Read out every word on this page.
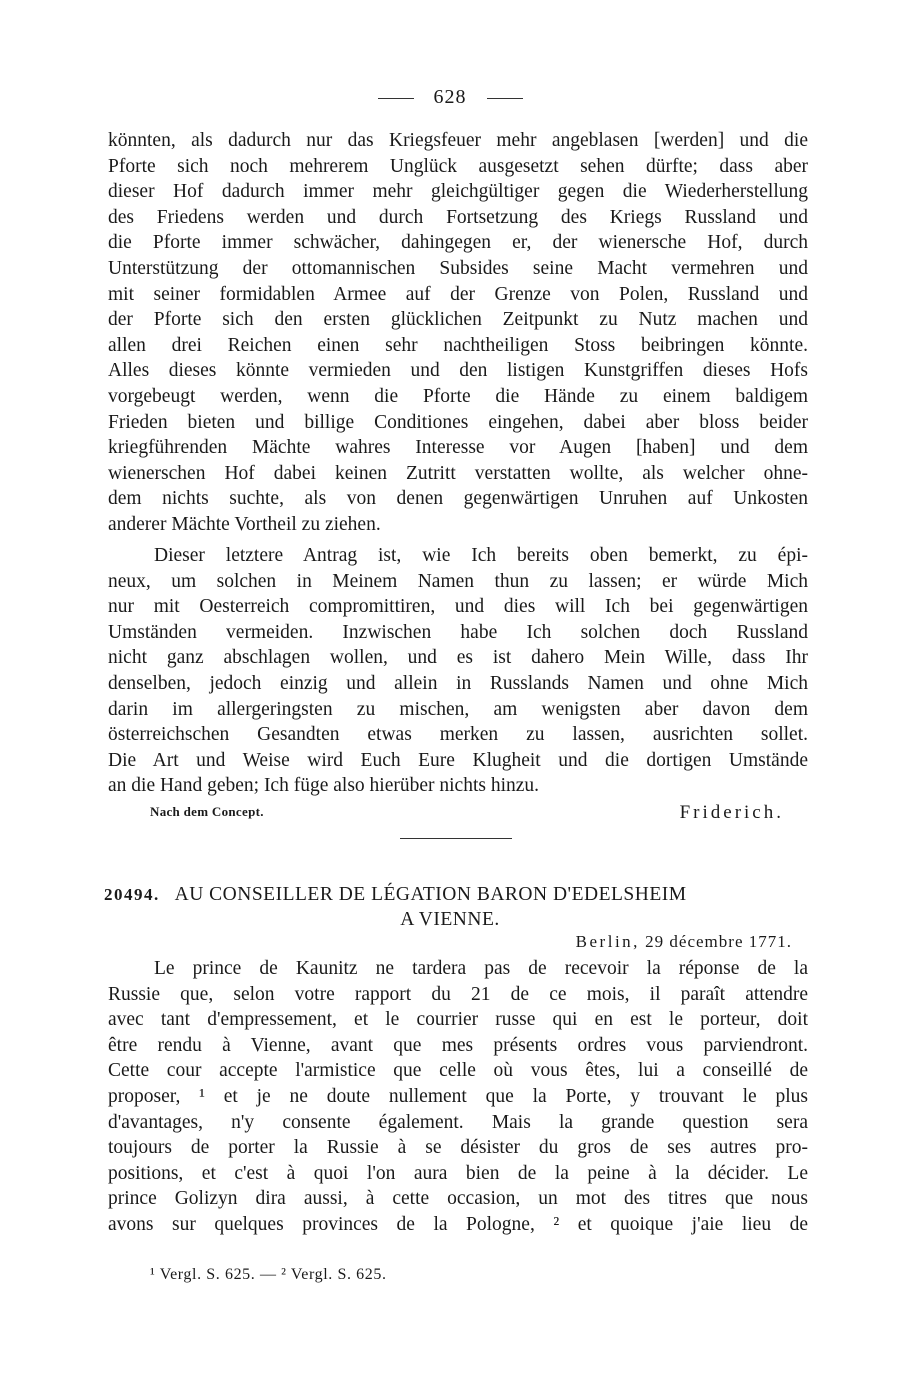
628
könnten, als dadurch nur das Kriegsfeuer mehr angeblasen [werden] und die
Pforte sich noch mehrerem Unglück ausgesetzt sehen dürfte; dass aber
dieser Hof dadurch immer mehr gleichgültiger gegen die Wiederherstellung
des Friedens werden und durch Fortsetzung des Kriegs Russland und
die Pforte immer schwächer, dahingegen er, der wienersche Hof, durch
Unterstützung der ottomannischen Subsides seine Macht vermehren und
mit seiner formidablen Armee auf der Grenze von Polen, Russland und
der Pforte sich den ersten glücklichen Zeitpunkt zu Nutz machen und
allen drei Reichen einen sehr nachtheiligen Stoss beibringen könnte.
Alles dieses könnte vermieden und den listigen Kunstgriffen dieses Hofs
vorgebeugt werden, wenn die Pforte die Hände zu einem baldigem
Frieden bieten und billige Conditiones eingehen, dabei aber bloss beider
kriegführenden Mächte wahres Interesse vor Augen [haben] und dem
wienerschen Hof dabei keinen Zutritt verstatten wollte, als welcher ohne-
dem nichts suchte, als von denen gegenwärtigen Unruhen auf Unkosten
anderer Mächte Vortheil zu ziehen.
Dieser letztere Antrag ist, wie Ich bereits oben bemerkt, zu épi-
neux, um solchen in Meinem Namen thun zu lassen; er würde Mich
nur mit Oesterreich compromittiren, und dies will Ich bei gegenwärtigen
Umständen vermeiden. Inzwischen habe Ich solchen doch Russland
nicht ganz abschlagen wollen, und es ist dahero Mein Wille, dass Ihr
denselben, jedoch einzig und allein in Russlands Namen und ohne Mich
darin im allergeringsten zu mischen, am wenigsten aber davon dem
österreichschen Gesandten etwas merken zu lassen, ausrichten sollet.
Die Art und Weise wird Euch Eure Klugheit und die dortigen Umstände
an die Hand geben; Ich füge also hierüber nichts hinzu.
Nach dem Concept.	Friderich.
20494. AU CONSEILLER DE LÉGATION BARON D'EDELSHEIM
A VIENNE.
Berlin, 29 décembre 1771.
Le prince de Kaunitz ne tardera pas de recevoir la réponse de la
Russie que, selon votre rapport du 21 de ce mois, il paraît attendre
avec tant d'empressement, et le courrier russe qui en est le porteur, doit
être rendu à Vienne, avant que mes présents ordres vous parviendront.
Cette cour accepte l'armistice que celle où vous êtes, lui a conseillé de
proposer, ¹ et je ne doute nullement que la Porte, y trouvant le plus
d'avantages, n'y consente également. Mais la grande question sera
toujours de porter la Russie à se désister du gros de ses autres pro-
positions, et c'est à quoi l'on aura bien de la peine à la décider. Le
prince Golizyn dira aussi, à cette occasion, un mot des titres que nous
avons sur quelques provinces de la Pologne, ² et quoique j'aie lieu de
¹ Vergl. S. 625. — ² Vergl. S. 625.
